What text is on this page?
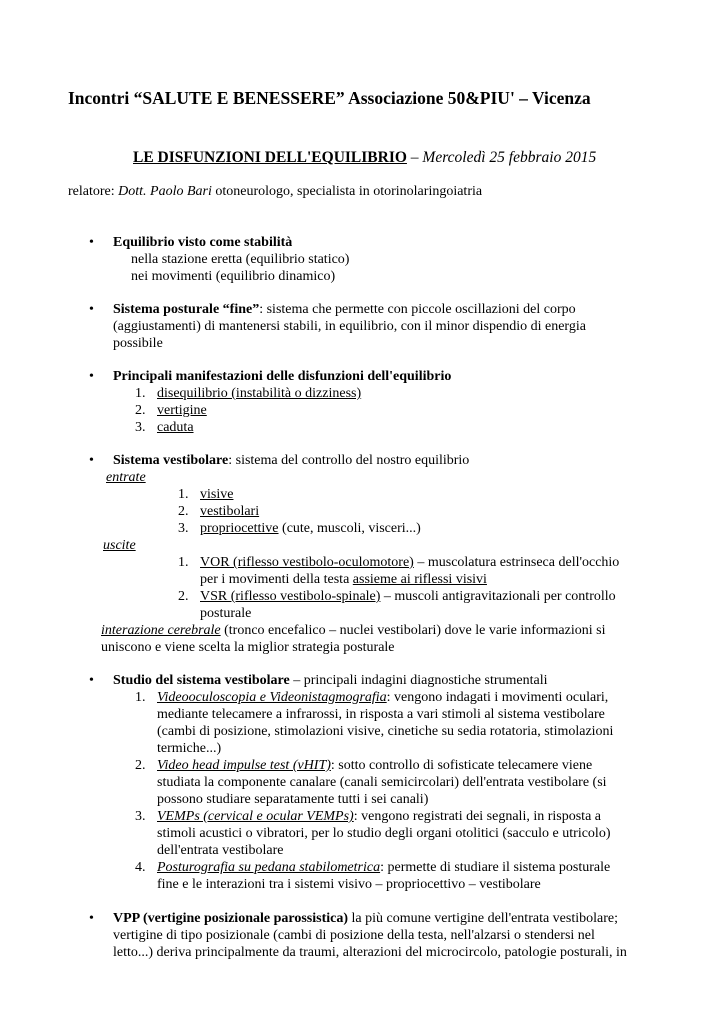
Incontri “SALUTE E BENESSERE” Associazione 50&PIU' – Vicenza
LE DISFUNZIONI DELL'EQUILIBRIO – Mercoledì 25 febbraio 2015
relatore: Dott. Paolo Bari otoneurologo, specialista in otorinolaringoiatria
• Equilibrio visto come stabilità
nella stazione eretta (equilibrio statico)
nei movimenti (equilibrio dinamico)
• Sistema posturale “fine”: sistema che permette con piccole oscillazioni del corpo
(aggiustamenti) di mantenersi stabili, in equilibrio, con il minor dispendio di energia
possibile
• Principali manifestazioni delle disfunzioni dell'equilibrio
1. disequilibrio (instabilità o dizziness)
2. vertigine
3. caduta
• Sistema vestibolare: sistema del controllo del nostro equilibrio
entrate
1. visive
2. vestibolari
3. propriocettive (cute, muscoli, visceri...)
uscite
1. VOR (riflesso vestibolo-oculomotore) – muscolatura estrinseca dell'occhio
per i movimenti della testa assieme ai riflessi visivi
2. VSR (riflesso vestibolo-spinale) – muscoli antigravitazionali per controllo
posturale
interazione cerebrale (tronco encefalico – nuclei vestibolari) dove le varie informazioni si
uniscono e viene scelta la miglior strategia posturale
• Studio del sistema vestibolare – principali indagini diagnostiche strumentali
1. Videooculoscopia e Videonistagmografia: vengono indagati i movimenti oculari,
mediante telecamere a infrarossi, in risposta a vari stimoli al sistema vestibolare
(cambi di posizione, stimolazioni visive, cinetiche su sedia rotatoria, stimolazioni
termiche...)
2. Video head impulse test (vHIT): sotto controllo di sofisticate telecamere viene
studiata la componente canalare (canali semicircolari) dell'entrata vestibolare (si
possono studiare separatamente tutti i sei canali)
3. VEMPs (cervical e ocular VEMPs): vengono registrati dei segnali, in risposta a
stimoli acustici o vibratori, per lo studio degli organi otolitici (sacculo e utricolo)
dell'entrata vestibolare
4. Posturografia su pedana stabilometrica: permette di studiare il sistema posturale
fine e le interazioni tra i sistemi visivo – propriocettivo – vestibolare
• VPP (vertigine posizionale parossistica) la più comune vertigine dell'entrata vestibolare;
vertigine di tipo posizionale (cambi di posizione della testa, nell'alzarsi o stendersi nel
letto...) deriva principalmente da traumi, alterazioni del microcircolo, patologie posturali, in
